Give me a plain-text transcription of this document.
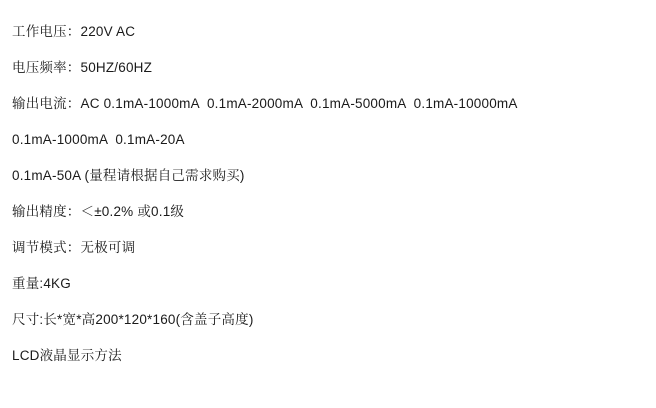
工作电压：220V AC
电压频率：50HZ/60HZ
输出电流：AC 0.1mA-1000mA  0.1mA-2000mA  0.1mA-5000mA  0.1mA-10000mA
0.1mA-1000mA  0.1mA-20A
0.1mA-50A (量程请根据自己需求购买)
输出精度：＜±0.2% 或0.1级
调节模式：无极可调
重量:4KG
尺寸:长*宽*高200*120*160(含盖子高度)
LCD液晶显示方法
